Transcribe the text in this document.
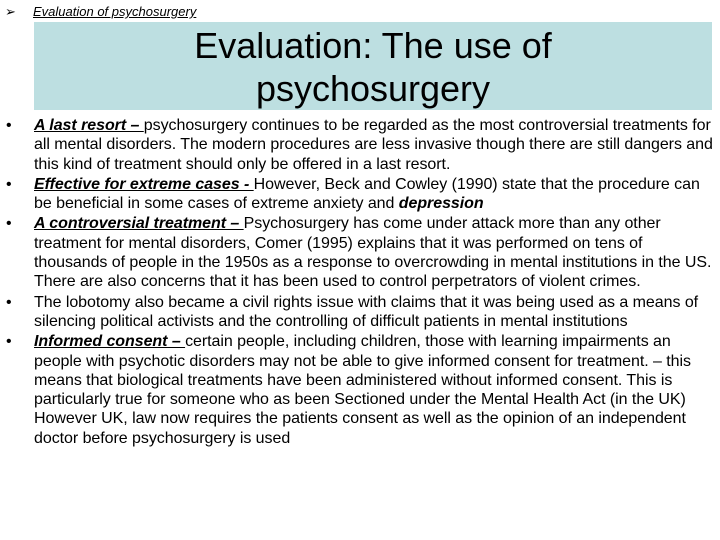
➢ Evaluation of psychosurgery
Evaluation: The use of
psychosurgery
• A last resort – psychosurgery continues to be regarded as the most controversial treatments for all mental disorders. The modern procedures are less invasive though there are still dangers and this kind of treatment should only be offered in a last resort.
• Effective for extreme cases - However, Beck and Cowley (1990) state that the procedure can be beneficial in some cases of extreme anxiety and depression
• A controversial treatment – Psychosurgery has come under attack more than any other treatment for mental disorders, Comer (1995) explains that it was performed on tens of thousands of people in the 1950s as a response to overcrowding in mental institutions in the US. There are also concerns that it has been used to control perpetrators of violent crimes.
• The lobotomy also became a civil rights issue with claims that it was being used as a means of silencing political activists and the controlling of difficult patients in mental institutions
• Informed consent – certain people, including children, those with learning impairments an people with psychotic disorders may not be able to give informed consent for treatment. – this means that biological treatments have been administered without informed consent. This is particularly true for someone who as been Sectioned under the Mental Health Act (in the UK) However UK, law now requires the patients consent as well as the opinion of an independent doctor before psychosurgery is used
